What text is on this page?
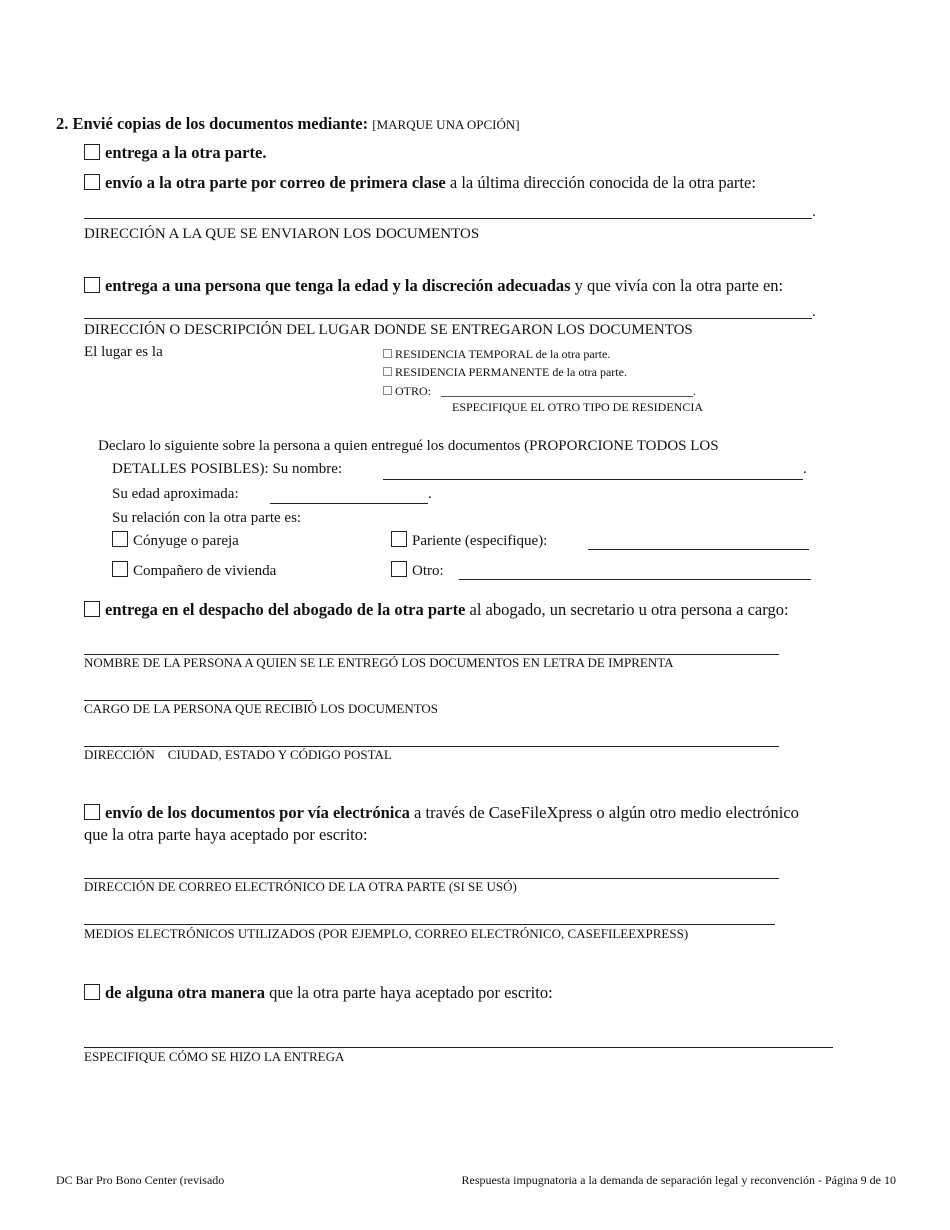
2. Envié copias de los documentos mediante: [MARQUE UNA OPCIÓN]
entrega a la otra parte.
envío a la otra parte por correo de primera clase a la última dirección conocida de la otra parte:
.
DIRECCIÓN A LA QUE SE ENVIARON LOS DOCUMENTOS
entrega a una persona que tenga la edad y la discreción adecuadas y que vivía con la otra parte en:
.
DIRECCIÓN O DESCRIPCIÓN DEL LUGAR DONDE SE ENTREGARON LOS DOCUMENTOS
El lugar es la	RESIDENCIA TEMPORAL de la otra parte.
RESIDENCIA PERMANENTE de la otra parte.
OTRO:	.
ESPECIFIQUE EL OTRO TIPO DE RESIDENCIA
Declaro lo siguiente sobre la persona a quien entregué los documentos (PROPORCIONE TODOS LOS
DETALLES POSIBLES): Su nombre:	.
Su edad aproximada:	.
Su relación con la otra parte es:
Cónyuge o pareja	Pariente (especifique):
Compañero de vivienda	Otro:
entrega en el despacho del abogado de la otra parte al abogado, un secretario u otra persona a cargo:
NOMBRE DE LA PERSONA A QUIEN SE LE ENTREGÓ LOS DOCUMENTOS EN LETRA DE IMPRENTA
CARGO DE LA PERSONA QUE RECIBIÓ LOS DOCUMENTOS
DIRECCIÓN    CIUDAD, ESTADO Y CÓDIGO POSTAL
envío de los documentos por vía electrónica a través de CaseFileXpress o algún otro medio electrónico
que la otra parte haya aceptado por escrito:
DIRECCIÓN DE CORREO ELECTRÓNICO DE LA OTRA PARTE (SI SE USÓ)
MEDIOS ELECTRÓNICOS UTILIZADOS (POR EJEMPLO, CORREO ELECTRÓNICO, CASEFILEEXPRESS)
de alguna otra manera que la otra parte haya aceptado por escrito:
ESPECIFIQUE CÓMO SE HIZO LA ENTREGA
DC Bar Pro Bono Center (revisado	Respuesta impugnatoria a la demanda de separación legal y reconvención - Página 9 de 10
